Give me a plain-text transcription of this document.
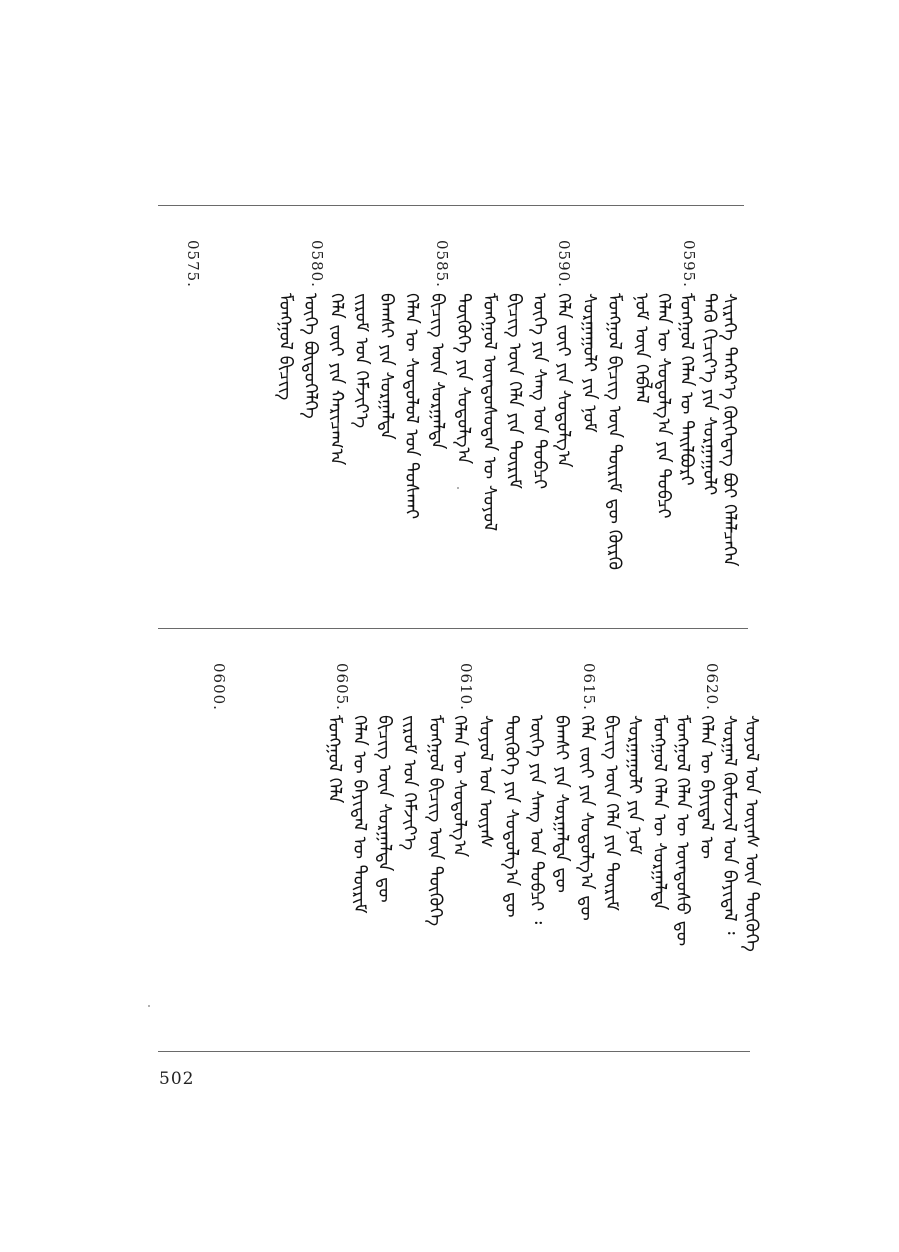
0595.
0590.
0585.
0580.
0575.
ᠰᠢᠷᠡᠭᠡ ᠳᠡᠭᠡᠷ᠎ᠡ ᠬᠥᠭᠡᠳᠡᠭ ᠪᠤᠢ ᠬᠡᠯᠡᠯᠴᠡᠭᠡᠨ
ᠳᠡᠭᠦ ᠬᠢᠴᠢᠶ᠎ᠡ ᠶᠢᠨ ᠰᠤᠷᠭᠠᠭᠤᠯᠢ
ᠮᠣᠩᠭᠣᠯ ᠬᠡᠯᠡᠨ ᠦ ᠲᠠᠢᠯᠪᠤᠷᠢ
ᠬᠡᠯᠡᠨ ᠦ ᠰᠤᠳᠤᠯᠭ᠎ᠠ ᠶᠢᠨ ᠲᠣᠪᠴᠢ
ᠨᠣᠮ ᠦᠨ ᠬᠡᠪᠯᠡᠯ
ᠮᠣᠩᠭᠣᠯ ᠪᠢᠴᠢᠭ ᠦᠨ ᠳᠦᠷᠢᠮ ᠳᠦ ᠬᠦᠷᠬᠦ
ᠰᠤᠷᠭᠠᠭᠤᠯᠢ ᠶᠢᠨ ᠨᠣᠮ
ᠬᠡᠯᠡ ᠵᠦᠢ ᠶᠢᠨ ᠰᠤᠳᠤᠯᠭ᠎ᠠ
ᠦᠭᠡ ᠶᠢᠨ ᠰᠠᠩ ᠤᠨ ᠲᠣᠪᠴᠢ
ᠪᠢᠴᠢᠭ᠌ ᠦᠨ ᠬᠡᠯᠡ ᠶᠢᠨ ᠳᠦᠷᠢᠮ
ᠮᠣᠩᠭᠣᠯ ᠦᠨᠳᠦᠰᠦᠲᠡᠨ ᠦ ᠰᠣᠶᠣᠯ
ᠲᠦᠭᠦᠬᠡ ᠶᠢᠨ ᠰᠤᠳᠤᠯᠭ᠎ᠠ
ᠪᠢᠴᠢᠭ᠌ ᠦᠨ ᠰᠤᠷᠭᠠᠯᠲᠠ
ᠬᠡᠯᠡᠨ ᠦ ᠰᠤᠳᠤᠯᠤᠯ ᠤᠨ ᠲᠤᠰᠬᠠᠢ
ᠪᠠᠭᠰᠢ ᠶᠢᠨ ᠰᠤᠷᠭᠠᠯᠲᠠ
ᠵᠢᠷᠤᠮ ᠤᠨ ᠬᠡᠮᠵᠢᠶ᠎ᠡ
ᠬᠡᠯᠡ ᠵᠦᠢ ᠶᠢᠨ ᠬᠠᠷᠢᠴᠠᠭ᠎ᠠ
ᠦᠭᠡ ᠪᠦᠲᠦᠭᠡᠯᠭᠡ
ᠮᠣᠩᠭᠣᠯ ᠪᠢᠴᠢᠭ᠌
0620.
0615.
0610.
0605.
0600.
ᠰᠣᠶᠣᠯ ᠤᠨ ᠦᠶᠡᠰ ᠦᠨ ᠲᠦᠭᠦᠬᠡ
ᠰᠤᠷᠭᠠᠯ ᠬᠥᠮᠦᠵᠢᠯ ᠤᠨ ᠪᠠᠶᠢᠳᠠᠯ ᠄
ᠬᠡᠯᠡᠨ ᠦ ᠪᠠᠶᠢᠳᠠᠯ ᠦ
ᠮᠣᠩᠭᠣᠯ ᠬᠡᠯᠡᠨ ᠦ ᠦᠨᠳᠦᠰᠦ ᠳᠦ
ᠮᠣᠩᠭᠣᠯ ᠬᠡᠯᠡᠨ ᠦ ᠰᠤᠷᠭᠠᠯᠲᠠ
ᠰᠤᠷᠭᠠᠭᠤᠯᠢ ᠶᠢᠨ ᠨᠣᠮ
ᠪᠢᠴᠢᠭ᠌ ᠦᠨ ᠬᠡᠯᠡ ᠶᠢᠨ ᠳᠦᠷᠢᠮ
ᠬᠡᠯᠡ ᠵᠦᠢ ᠶᠢᠨ ᠰᠤᠳᠤᠯᠭ᠎ᠠ ᠳᠦ
ᠪᠠᠭᠰᠢ ᠶᠢᠨ ᠰᠤᠷᠭᠠᠯᠲᠠ ᠳᠦ
ᠦᠭᠡ ᠶᠢᠨ ᠰᠠᠩ ᠤᠨ ᠲᠣᠪᠴᠢ ᠄
ᠲᠦᠭᠦᠬᠡ ᠶᠢᠨ ᠰᠤᠳᠤᠯᠭ᠎ᠠ ᠳᠦ
ᠰᠣᠶᠣᠯ ᠤᠨ ᠦᠶᠡᠰ
ᠬᠡᠯᠡᠨ ᠦ ᠰᠤᠳᠤᠯᠭ᠎ᠠ
ᠮᠣᠩᠭᠣᠯ ᠪᠢᠴᠢᠭ᠌ ᠦᠨ ᠲᠦᠭᠦᠬᠡ
ᠵᠢᠷᠤᠮ ᠤᠨ ᠬᠡᠮᠵᠢᠶ᠎ᠡ
ᠪᠢᠴᠢᠭ᠌ ᠦᠨ ᠰᠤᠷᠭᠠᠯᠲᠠ ᠳᠦ
ᠬᠡᠯᠡᠨ ᠦ ᠪᠠᠶᠢᠳᠠᠯ ᠦ ᠳᠦᠷᠢᠮ
ᠮᠣᠩᠭᠣᠯ ᠬᠡᠯᠡ
502
